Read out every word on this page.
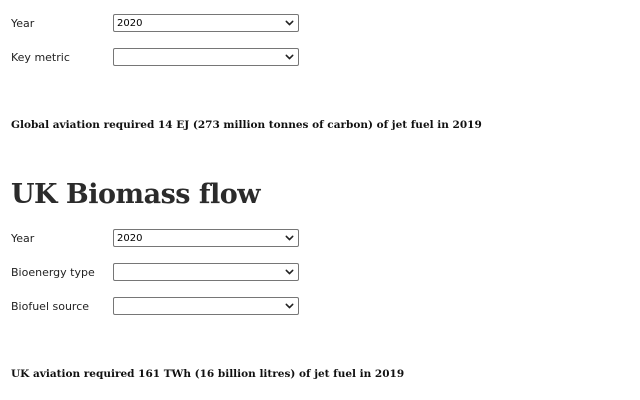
Year	2020
Key metric
Global aviation required 14 EJ (273 million tonnes of carbon) of jet fuel in 2019
UK Biomass flow
Year	2020
Bioenergy type
Biofuel source
UK aviation required 161 TWh (16 billion litres) of jet fuel in 2019
